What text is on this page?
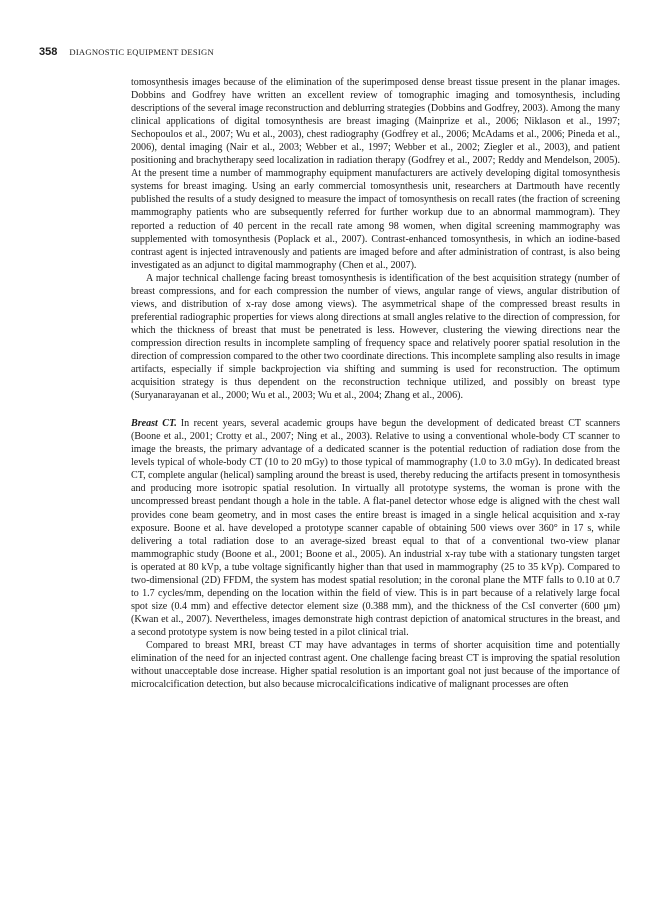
358 DIAGNOSTIC EQUIPMENT DESIGN

tomosynthesis images because of the elimination of the superimposed dense breast tissue present in the planar images. Dobbins and Godfrey have written an excellent review of tomographic imaging and tomosynthesis, including descriptions of the several image reconstruction and deblurring strategies (Dobbins and Godfrey, 2003). Among the many clinical applications of digital tomosynthesis are breast imaging (Mainprize et al., 2006; Niklason et al., 1997; Sechopoulos et al., 2007; Wu et al., 2003), chest radiography (Godfrey et al., 2006; McAdams et al., 2006; Pineda et al., 2006), dental imaging (Nair et al., 2003; Webber et al., 1997; Webber et al., 2002; Ziegler et al., 2003), and patient positioning and brachytherapy seed localization in radiation therapy (Godfrey et al., 2007; Reddy and Mendelson, 2005). At the present time a number of mammography equipment manufacturers are actively developing digital tomosynthesis systems for breast imaging. Using an early commercial tomosynthesis unit, researchers at Dartmouth have recently published the results of a study designed to measure the impact of tomosynthesis on recall rates (the fraction of screening mammography patients who are subsequently referred for further workup due to an abnormal mammogram). They reported a reduction of 40 percent in the recall rate among 98 women, when digital screening mammography was supplemented with tomosynthesis (Poplack et al., 2007). Contrast-enhanced tomosynthesis, in which an iodine-based contrast agent is injected intravenously and patients are imaged before and after administration of contrast, is also being investigated as an adjunct to digital mammography (Chen et al., 2007).

A major technical challenge facing breast tomosynthesis is identification of the best acquisition strategy (number of breast compressions, and for each compression the number of views, angular range of views, angular distribution of views, and distribution of x-ray dose among views). The asymmetrical shape of the compressed breast results in preferential radiographic properties for views along directions at small angles relative to the direction of compression, for which the thickness of breast that must be penetrated is less. However, clustering the viewing directions near the compression direction results in incomplete sampling of frequency space and relatively poorer spatial resolution in the direction of compression compared to the other two coordinate directions. This incomplete sampling also results in image artifacts, especially if simple backprojection via shifting and summing is used for reconstruction. The optimum acquisition strategy is thus dependent on the reconstruction technique utilized, and possibly on breast type (Suryanarayanan et al., 2000; Wu et al., 2003; Wu et al., 2004; Zhang et al., 2006).

Breast CT. In recent years, several academic groups have begun the development of dedicated breast CT scanners (Boone et al., 2001; Crotty et al., 2007; Ning et al., 2003). Relative to using a conventional whole-body CT scanner to image the breasts, the primary advantage of a dedicated scanner is the potential reduction of radiation dose from the levels typical of whole-body CT (10 to 20 mGy) to those typical of mammography (1.0 to 3.0 mGy). In dedicated breast CT, complete angular (helical) sampling around the breast is used, thereby reducing the artifacts present in tomosynthesis and producing more isotropic spatial resolution. In virtually all prototype systems, the woman is prone with the uncompressed breast pendant though a hole in the table. A flat-panel detector whose edge is aligned with the chest wall provides cone beam geometry, and in most cases the entire breast is imaged in a single helical acquisition and x-ray exposure. Boone et al. have developed a prototype scanner capable of obtaining 500 views over 360° in 17 s, while delivering a total radiation dose to an average-sized breast equal to that of a conventional two-view planar mammographic study (Boone et al., 2001; Boone et al., 2005). An industrial x-ray tube with a stationary tungsten target is operated at 80 kVp, a tube voltage significantly higher than that used in mammography (25 to 35 kVp). Compared to two-dimensional (2D) FFDM, the system has modest spatial resolution; in the coronal plane the MTF falls to 0.10 at 0.7 to 1.7 cycles/mm, depending on the location within the field of view. This is in part because of a relatively large focal spot size (0.4 mm) and effective detector element size (0.388 mm), and the thickness of the CsI converter (600 μm) (Kwan et al., 2007). Nevertheless, images demonstrate high contrast depiction of anatomical structures in the breast, and a second prototype system is now being tested in a pilot clinical trial.

Compared to breast MRI, breast CT may have advantages in terms of shorter acquisition time and potentially elimination of the need for an injected contrast agent. One challenge facing breast CT is improving the spatial resolution without unacceptable dose increase. Higher spatial resolution is an important goal not just because of the importance of microcalcification detection, but also because microcalcifications indicative of malignant processes are often
